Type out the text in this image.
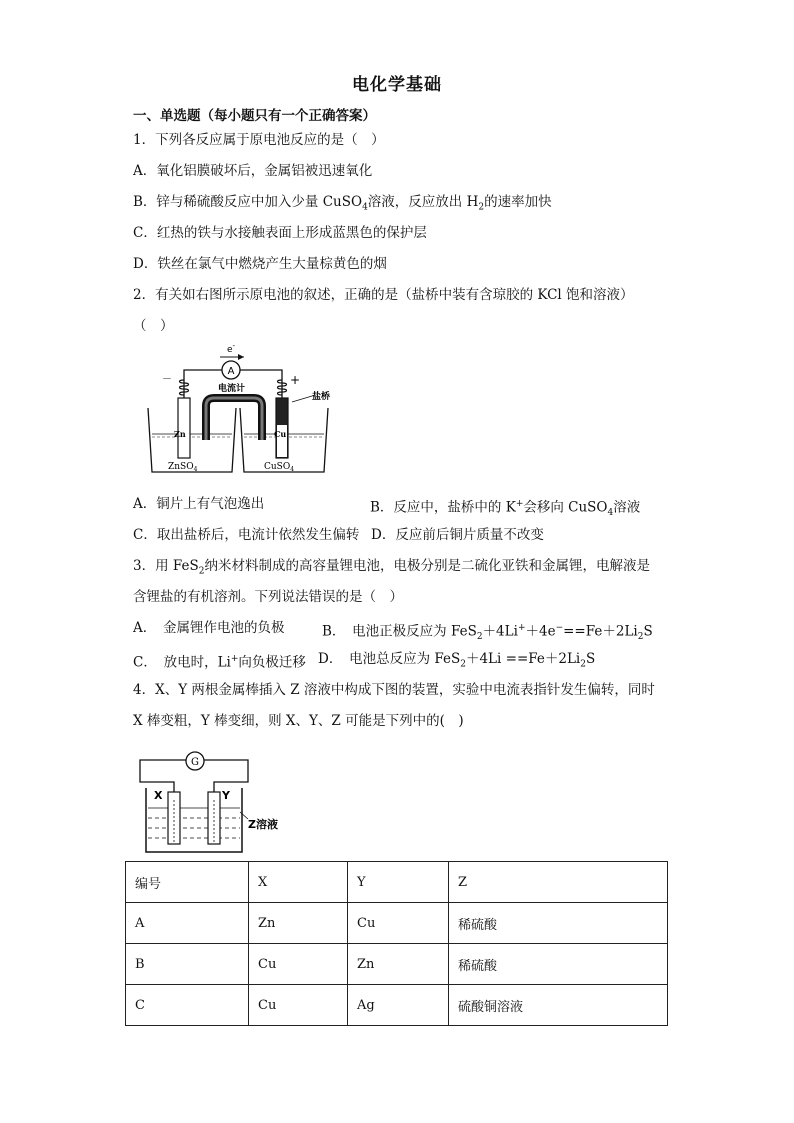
电化学基础
一、单选题（每小题只有一个正确答案）
1．下列各反应属于原电池反应的是（　）
A．氧化铝膜破坏后，金属铝被迅速氧化
B．锌与稀硫酸反应中加入少量 CuSO$_4$溶液，反应放出 $H_2$的速率加快
C．红热的铁与水接触表面上形成蓝黑色的保护层
D．铁丝在氯气中燃烧产生大量棕黄色的烟
2．有关如右图所示原电池的叙述，正确的是（盐桥中装有含琼胶的 KCl 饱和溶液）
（　）
e-
A
电流计
－	+
盐桥
Zn	Cu
ZnSO$_4$	CuSO$_4$
A．铜片上有气泡逸出	B．反应中，盐桥中的 K+会移向 CuSO$_4$溶液
C．取出盐桥后，电流计依然发生偏转 D．反应前后铜片质量不改变
3．用 FeS$_2$纳米材料制成的高容量锂电池，电极分别是二硫化亚铁和金属锂，电解液是
含锂盐的有机溶剂。下列说法错误的是（　）
A．　金属锂作电池的负极	B．　电池正极反应为 $FeS_2+4Li^++4e^-==Fe+2Li_2S$
C．　放电时，Li+向负极迁移 D．　电池总反应为 $FeS_2+4Li ==Fe+2Li_2S$
4．X、Y 两根金属棒插入 Z 溶液中构成下图的装置，实验中电流表指针发生偏转，同时
X 棒变粗，Y 棒变细，则 X、Y、Z 可能是下列中的(　)
G
X	Y
Z溶液
编号	X	Y	Z
A	Zn	Cu	稀硫酸
B	Cu	Zn	稀硫酸
C	Cu	Ag	硫酸铜溶液
